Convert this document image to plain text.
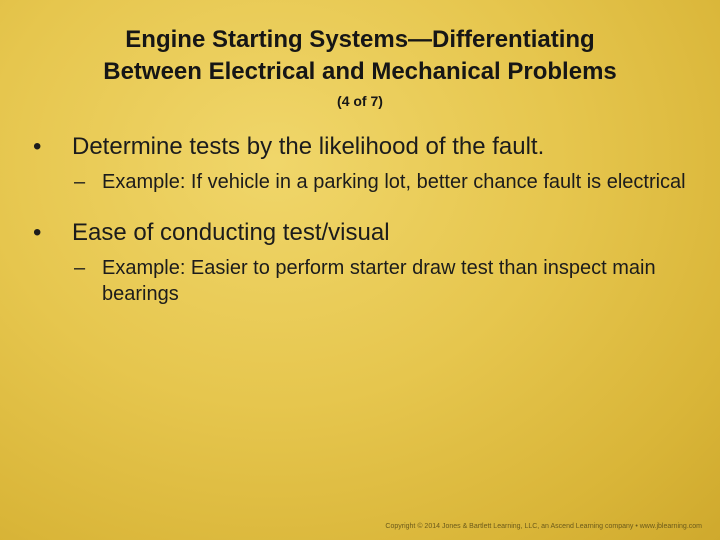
Engine Starting Systems—Differentiating
Between Electrical and Mechanical Problems
(4 of 7)
• Determine tests by the likelihood of the fault.
– Example: If vehicle in a parking lot, better chance fault is electrical
• Ease of conducting test/visual
– Example: Easier to perform starter draw test than inspect main bearings
Copyright © 2014 Jones & Bartlett Learning, LLC, an Ascend Learning company • www.jblearning.com
